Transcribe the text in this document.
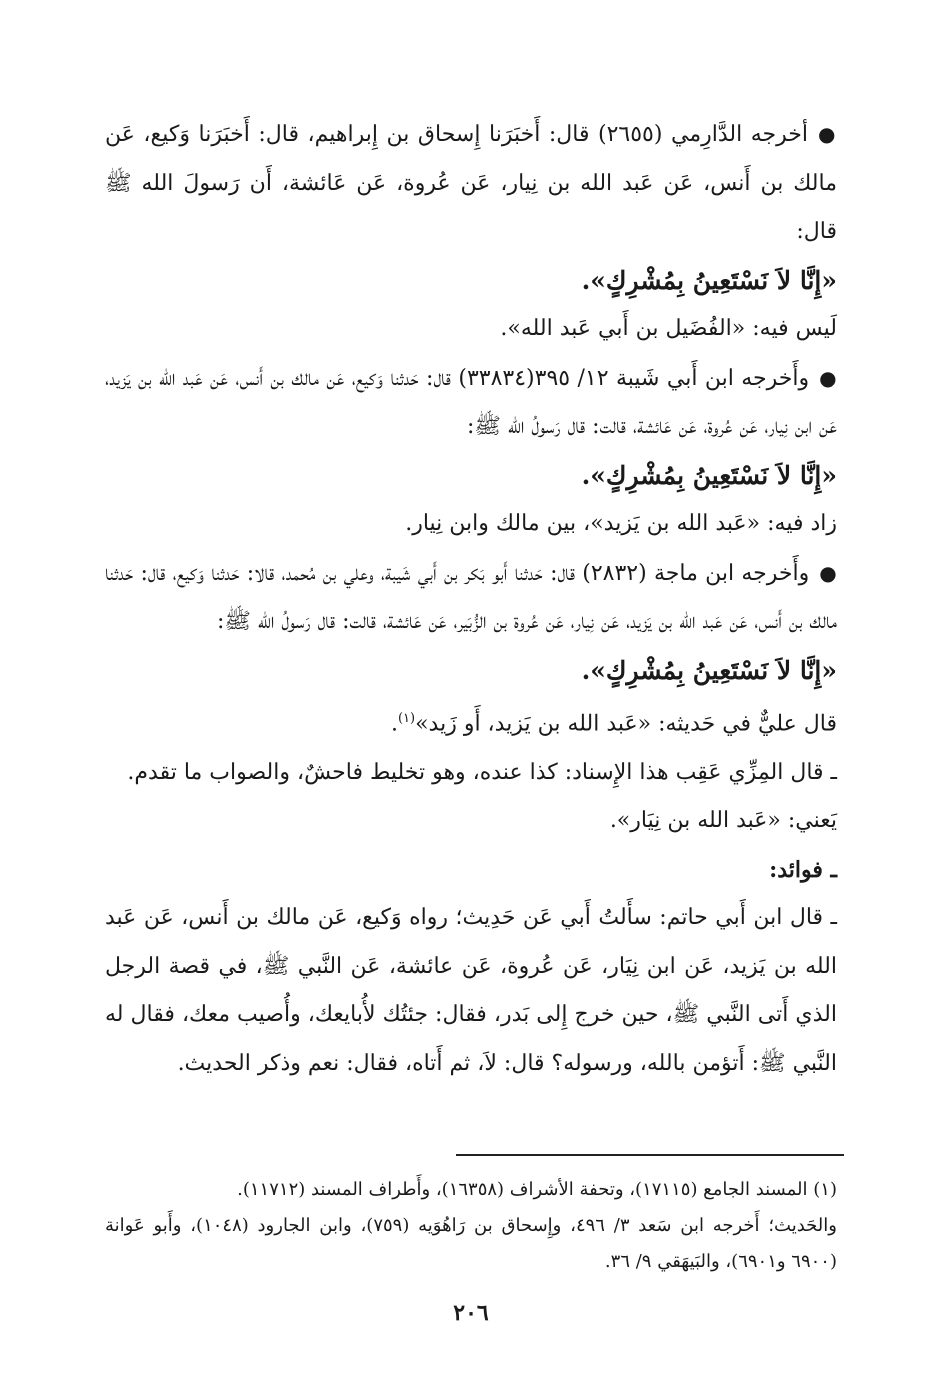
●أخرجه الدَّارِمي (٢٦٥٥) قال: أَخبَرَنا إِسحاق بن إِبراهيم، قال: أَخبَرَنا وَكيع، عَن مالك بن أَنس، عَن عَبد الله بن نِيار، عَن عُروة، عَن عَائشة، أَن رَسولَ الله ﷺ قال:

«إِنَّا لاَ نَسْتَعِينُ بِمُشْرِكٍ».

لَيس فيه: «الفُضَيل بن أَبي عَبد الله».

●وأَخرجه ابن أَبي شَيبة ١٢/ ٣٩٥(٣٣٨٣٤) قال: حَدثنا وَكيع، عَن مالك بن أَنس، عَن عَبد الله بن يَزيد، عَن ابن نِيار، عَن عُروة، عَن عَائشة، قالت: قال رَسولُ الله ﷺ:

«إِنَّا لاَ نَسْتَعِينُ بِمُشْرِكٍ».

زاد فيه: «عَبد الله بن يَزيد»، بين مالك وابن نِيار.

●وأَخرجه ابن ماجة (٢٨٣٢) قال: حَدثنا أَبو بَكر بن أَبي شَيبة، وعلي بن مُحمد، قالا: حَدثنا وَكيع، قال: حَدثنا مالك بن أَنس، عَن عَبد الله بن يَزيد، عَن نِيار، عَن عُروة بن الزُّبَير، عَن عَائشة، قالت: قال رَسولُ الله ﷺ:

«إِنَّا لاَ نَسْتَعِينُ بِمُشْرِكٍ».

قال عليٌّ في حَديثه: «عَبد الله بن يَزيد، أَو زَيد»$^{(١)}$.

ـ قال المِزِّي عَقِب هذا الإِسناد: كذا عنده، وهو تخليط فاحشٌ، والصواب ما تقدم.

يَعني: «عَبد الله بن نِيَار».

ـ فوائد:

ـ قال ابن أَبي حاتم: سأَلتُ أَبي عَن حَدِيث؛ رواه وَكيع، عَن مالك بن أَنس، عَن عَبد الله بن يَزيد، عَن ابن نِيَار، عَن عُروة، عَن عائشة، عَن النَّبي ﷺ، في قصة الرجل الذي أَتى النَّبي ﷺ، حين خرج إِلى بَدر، فقال: جئتُك لأُبايعك، وأُصيب معك، فقال له النَّبي ﷺ: أَتؤمن بالله، ورسوله؟ قال: لاَ، ثم أَتاه، فقال: نعم وذكر الحديث.

(١) المسند الجامع (١٧١١٥)، وتحفة الأشراف (١٦٣٥٨)، وأَطراف المسند (١١٧١٢).

والحَديث؛ أَخرجه ابن سَعد ٣/ ٤٩٦، وإِسحاق بن رَاهُوَيه (٧٥٩)، وابن الجارود (١٠٤٨)، وأَبو عَوانة (٦٩٠٠ و٦٩٠١)، والبَيهَقي ٩/ ٣٦.

٢٠٦
